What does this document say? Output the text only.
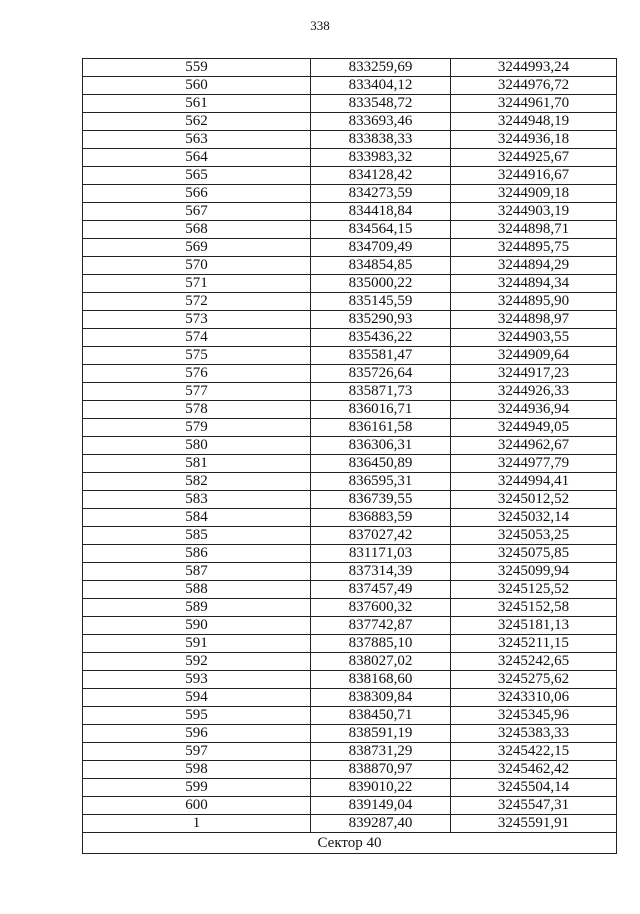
338
559	833259,69	3244993,24
560	833404,12	3244976,72
561	833548,72	3244961,70
562	833693,46	3244948,19
563	833838,33	3244936,18
564	833983,32	3244925,67
565	834128,42	3244916,67
566	834273,59	3244909,18
567	834418,84	3244903,19
568	834564,15	3244898,71
569	834709,49	3244895,75
570	834854,85	3244894,29
571	835000,22	3244894,34
572	835145,59	3244895,90
573	835290,93	3244898,97
574	835436,22	3244903,55
575	835581,47	3244909,64
576	835726,64	3244917,23
577	835871,73	3244926,33
578	836016,71	3244936,94
579	836161,58	3244949,05
580	836306,31	3244962,67
581	836450,89	3244977,79
582	836595,31	3244994,41
583	836739,55	3245012,52
584	836883,59	3245032,14
585	837027,42	3245053,25
586	831171,03	3245075,85
587	837314,39	3245099,94
588	837457,49	3245125,52
589	837600,32	3245152,58
590	837742,87	3245181,13
591	837885,10	3245211,15
592	838027,02	3245242,65
593	838168,60	3245275,62
594	838309,84	3243310,06
595	838450,71	3245345,96
596	838591,19	3245383,33
597	838731,29	3245422,15
598	838870,97	3245462,42
599	839010,22	3245504,14
600	839149,04	3245547,31
1	839287,40	3245591,91
Сектор 40		
